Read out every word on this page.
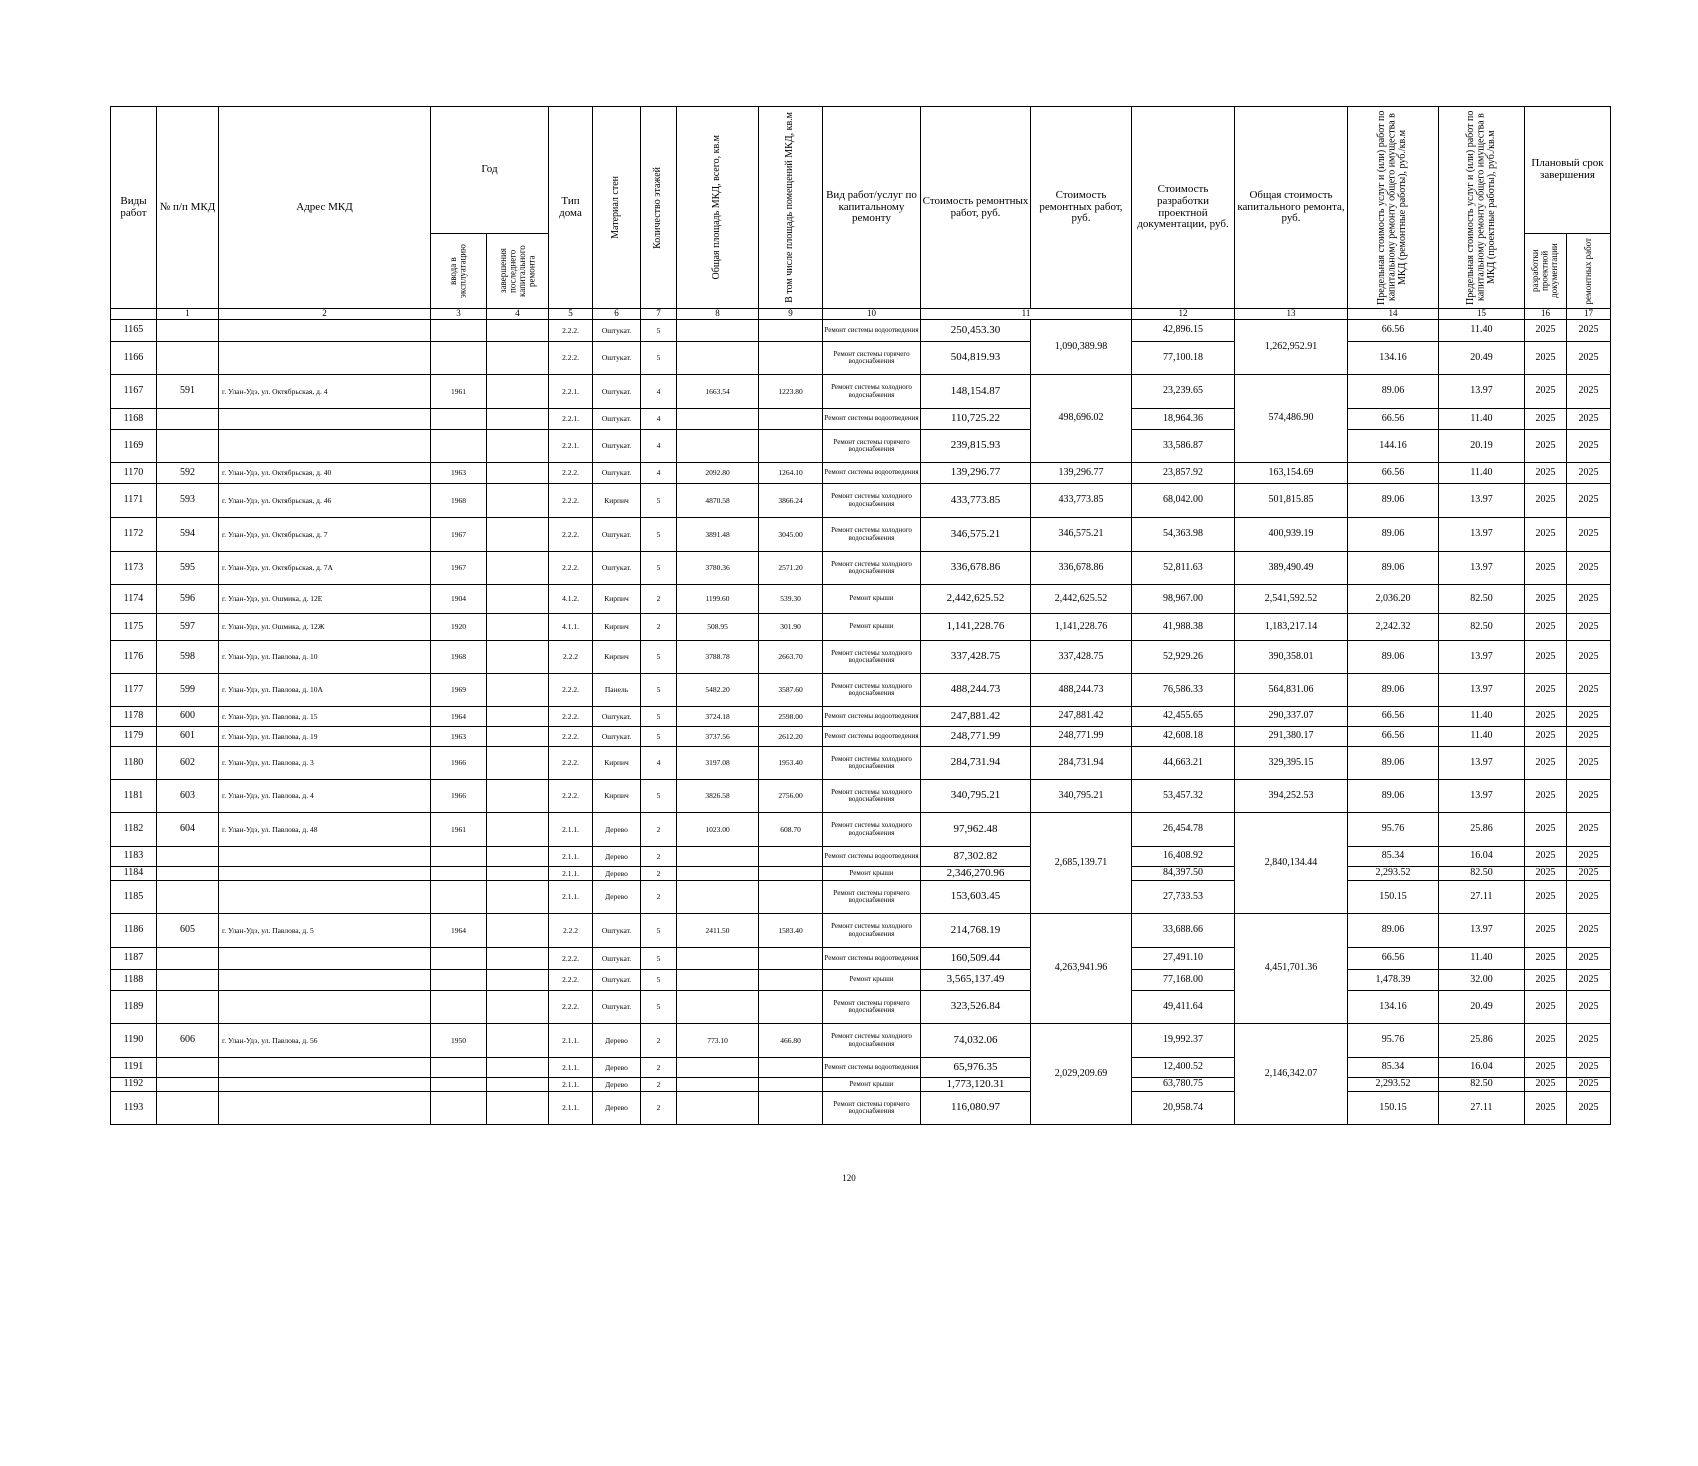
Виды работ	№ п/п МКД	Адрес МКД	Год		Тип дома	Материал стен	Количество этажей	Общая площадь МКД, всего, кв.м	В том числе площадь помещений МКД, кв.м	Вид работ/услуг по капитальному ремонту	Стоимость ремонтных работ, руб.	Стоимость ремонтных работ, руб.	Стоимость разработки проектной документации, руб.	Общая стоимость капитального ремонта, руб.	Предельная стоимость услуг и (или) работ по капитальному ремонту общего имущества в МКД (ремонтные работы), руб./кв.м	Предельная стоимость услуг и (или) работ по капитальному ремонту общего имущества в МКД (проектные работы), руб./кв.м	Плановый срок завершения	

			ввода в эксплуатацию	завершения последнего капитального ремонта													разработки проектной документации	ремонтных работ

	1	2	3	4	5	6	7	8	9	10	11		12	13	14	15	16	17
1165					2.2.2.	Оштукат.	5			Ремонт системы водоотведения	250,453.30	1,090,389.98	42,896.15	1,262,952.91	66.56	11.40	2025	2025
1166					2.2.2.	Оштукат.	5			Ремонт системы горячего водоснабжения	504,819.93		77,100.18		134.16	20.49	2025	2025
1167	591	г. Улан-Удэ, ул. Октябрьская, д. 4	1961		2.2.1.	Оштукат.	4	1663.54	1223.80	Ремонт системы холодного водоснабжения	148,154.87	498,696.02	23,239.65	574,486.90	89.06	13.97	2025	2025
1168					2.2.1.	Оштукат.	4			Ремонт системы водоотведения	110,725.22		18,964.36		66.56	11.40	2025	2025
1169					2.2.1.	Оштукат.	4			Ремонт системы горячего водоснабжения	239,815.93		33,586.87		144.16	20.19	2025	2025
1170	592	г. Улан-Удэ, ул. Октябрьская, д. 40	1963		2.2.2.	Оштукат.	4	2092.80	1264.10	Ремонт системы водоотведения	139,296.77	139,296.77	23,857.92	163,154.69	66.56	11.40	2025	2025
1171	593	г. Улан-Удэ, ул. Октябрьская, д. 46	1968		2.2.2.	Кирпич	5	4870.58	3866.24	Ремонт системы холодного водоснабжения	433,773.85	433,773.85	68,042.00	501,815.85	89.06	13.97	2025	2025
1172	594	г. Улан-Удэ, ул. Октябрьская, д. 7	1967		2.2.2.	Оштукат.	5	3891.48	3045.00	Ремонт системы холодного водоснабжения	346,575.21	346,575.21	54,363.98	400,939.19	89.06	13.97	2025	2025
1173	595	г. Улан-Удэ, ул. Октябрьская, д. 7А	1967		2.2.2.	Оштукат.	5	3780.36	2571.20	Ремонт системы холодного водоснабжения	336,678.86	336,678.86	52,811.63	389,490.49	89.06	13.97	2025	2025
1174	596	г. Улан-Удэ, ул. Ошмика, д. 12Е	1904		4.1.2.	Кирпич	2	1199.60	539.30	Ремонт крыши	2,442,625.52	2,442,625.52	98,967.00	2,541,592.52	2,036.20	82.50	2025	2025
1175	597	г. Улан-Удэ, ул. Ошмика, д. 12Ж	1920		4.1.1.	Кирпич	2	508.95	301.90	Ремонт крыши	1,141,228.76	1,141,228.76	41,988.38	1,183,217.14	2,242.32	82.50	2025	2025
1176	598	г. Улан-Удэ, ул. Павлова, д. 10	1968		2.2.2	Кирпич	5	3788.78	2663.70	Ремонт системы холодного водоснабжения	337,428.75	337,428.75	52,929.26	390,358.01	89.06	13.97	2025	2025
1177	599	г. Улан-Удэ, ул. Павлова, д. 10А	1969		2.2.2.	Панель	5	5482.20	3587.60	Ремонт системы холодного водоснабжения	488,244.73	488,244.73	76,586.33	564,831.06	89.06	13.97	2025	2025
1178	600	г. Улан-Удэ, ул. Павлова, д. 15	1964		2.2.2.	Оштукат.	5	3724.18	2598.00	Ремонт системы водоотведения	247,881.42	247,881.42	42,455.65	290,337.07	66.56	11.40	2025	2025
1179	601	г. Улан-Удэ, ул. Павлова, д. 19	1963		2.2.2.	Оштукат.	5	3737.56	2612.20	Ремонт системы водоотведения	248,771.99	248,771.99	42,608.18	291,380.17	66.56	11.40	2025	2025
1180	602	г. Улан-Удэ, ул. Павлова, д. 3	1966		2.2.2.	Кирпич	4	3197.08	1953.40	Ремонт системы холодного водоснабжения	284,731.94	284,731.94	44,663.21	329,395.15	89.06	13.97	2025	2025
1181	603	г. Улан-Удэ, ул. Павлова, д. 4	1966		2.2.2.	Кирпич	5	3826.58	2756.00	Ремонт системы холодного водоснабжения	340,795.21	340,795.21	53,457.32	394,252.53	89.06	13.97	2025	2025
1182	604	г. Улан-Удэ, ул. Павлова, д. 48	1961		2.1.1.	Дерево	2	1023.00	608.70	Ремонт системы холодного водоснабжения	97,962.48	2,685,139.71	26,454.78	2,840,134.44	95.76	25.86	2025	2025
1183					2.1.1.	Дерево	2			Ремонт системы водоотведения	87,302.82		16,408.92		85.34	16.04	2025	2025
1184					2.1.1.	Дерево	2			Ремонт крыши	2,346,270.96		84,397.50		2,293.52	82.50	2025	2025
1185					2.1.1.	Дерево	2			Ремонт системы горячего водоснабжения	153,603.45		27,733.53		150.15	27.11	2025	2025
1186	605	г. Улан-Удэ, ул. Павлова, д. 5	1964		2.2.2	Оштукат.	5	2411.50	1583.40	Ремонт системы холодного водоснабжения	214,768.19	4,263,941.96	33,688.66	4,451,701.36	89.06	13.97	2025	2025
1187					2.2.2.	Оштукат.	5			Ремонт системы водоотведения	160,509.44		27,491.10		66.56	11.40	2025	2025
1188					2.2.2.	Оштукат.	5			Ремонт крыши	3,565,137.49		77,168.00		1,478.39	32.00	2025	2025
1189					2.2.2.	Оштукат.	5			Ремонт системы горячего водоснабжения	323,526.84		49,411.64		134.16	20.49	2025	2025
1190	606	г. Улан-Удэ, ул. Павлова, д. 56	1950		2.1.1.	Дерево	2	773.10	466.80	Ремонт системы холодного водоснабжения	74,032.06	2,029,209.69	19,992.37	2,146,342.07	95.76	25.86	2025	2025
1191					2.1.1.	Дерево	2			Ремонт системы водоотведения	65,976.35		12,400.52		85.34	16.04	2025	2025
1192					2.1.1.	Дерево	2			Ремонт крыши	1,773,120.31		63,780.75		2,293.52	82.50	2025	2025
1193					2.1.1.	Дерево	2			Ремонт системы горячего водоснабжения	116,080.97		20,958.74		150.15	27.11	2025	2025
120
